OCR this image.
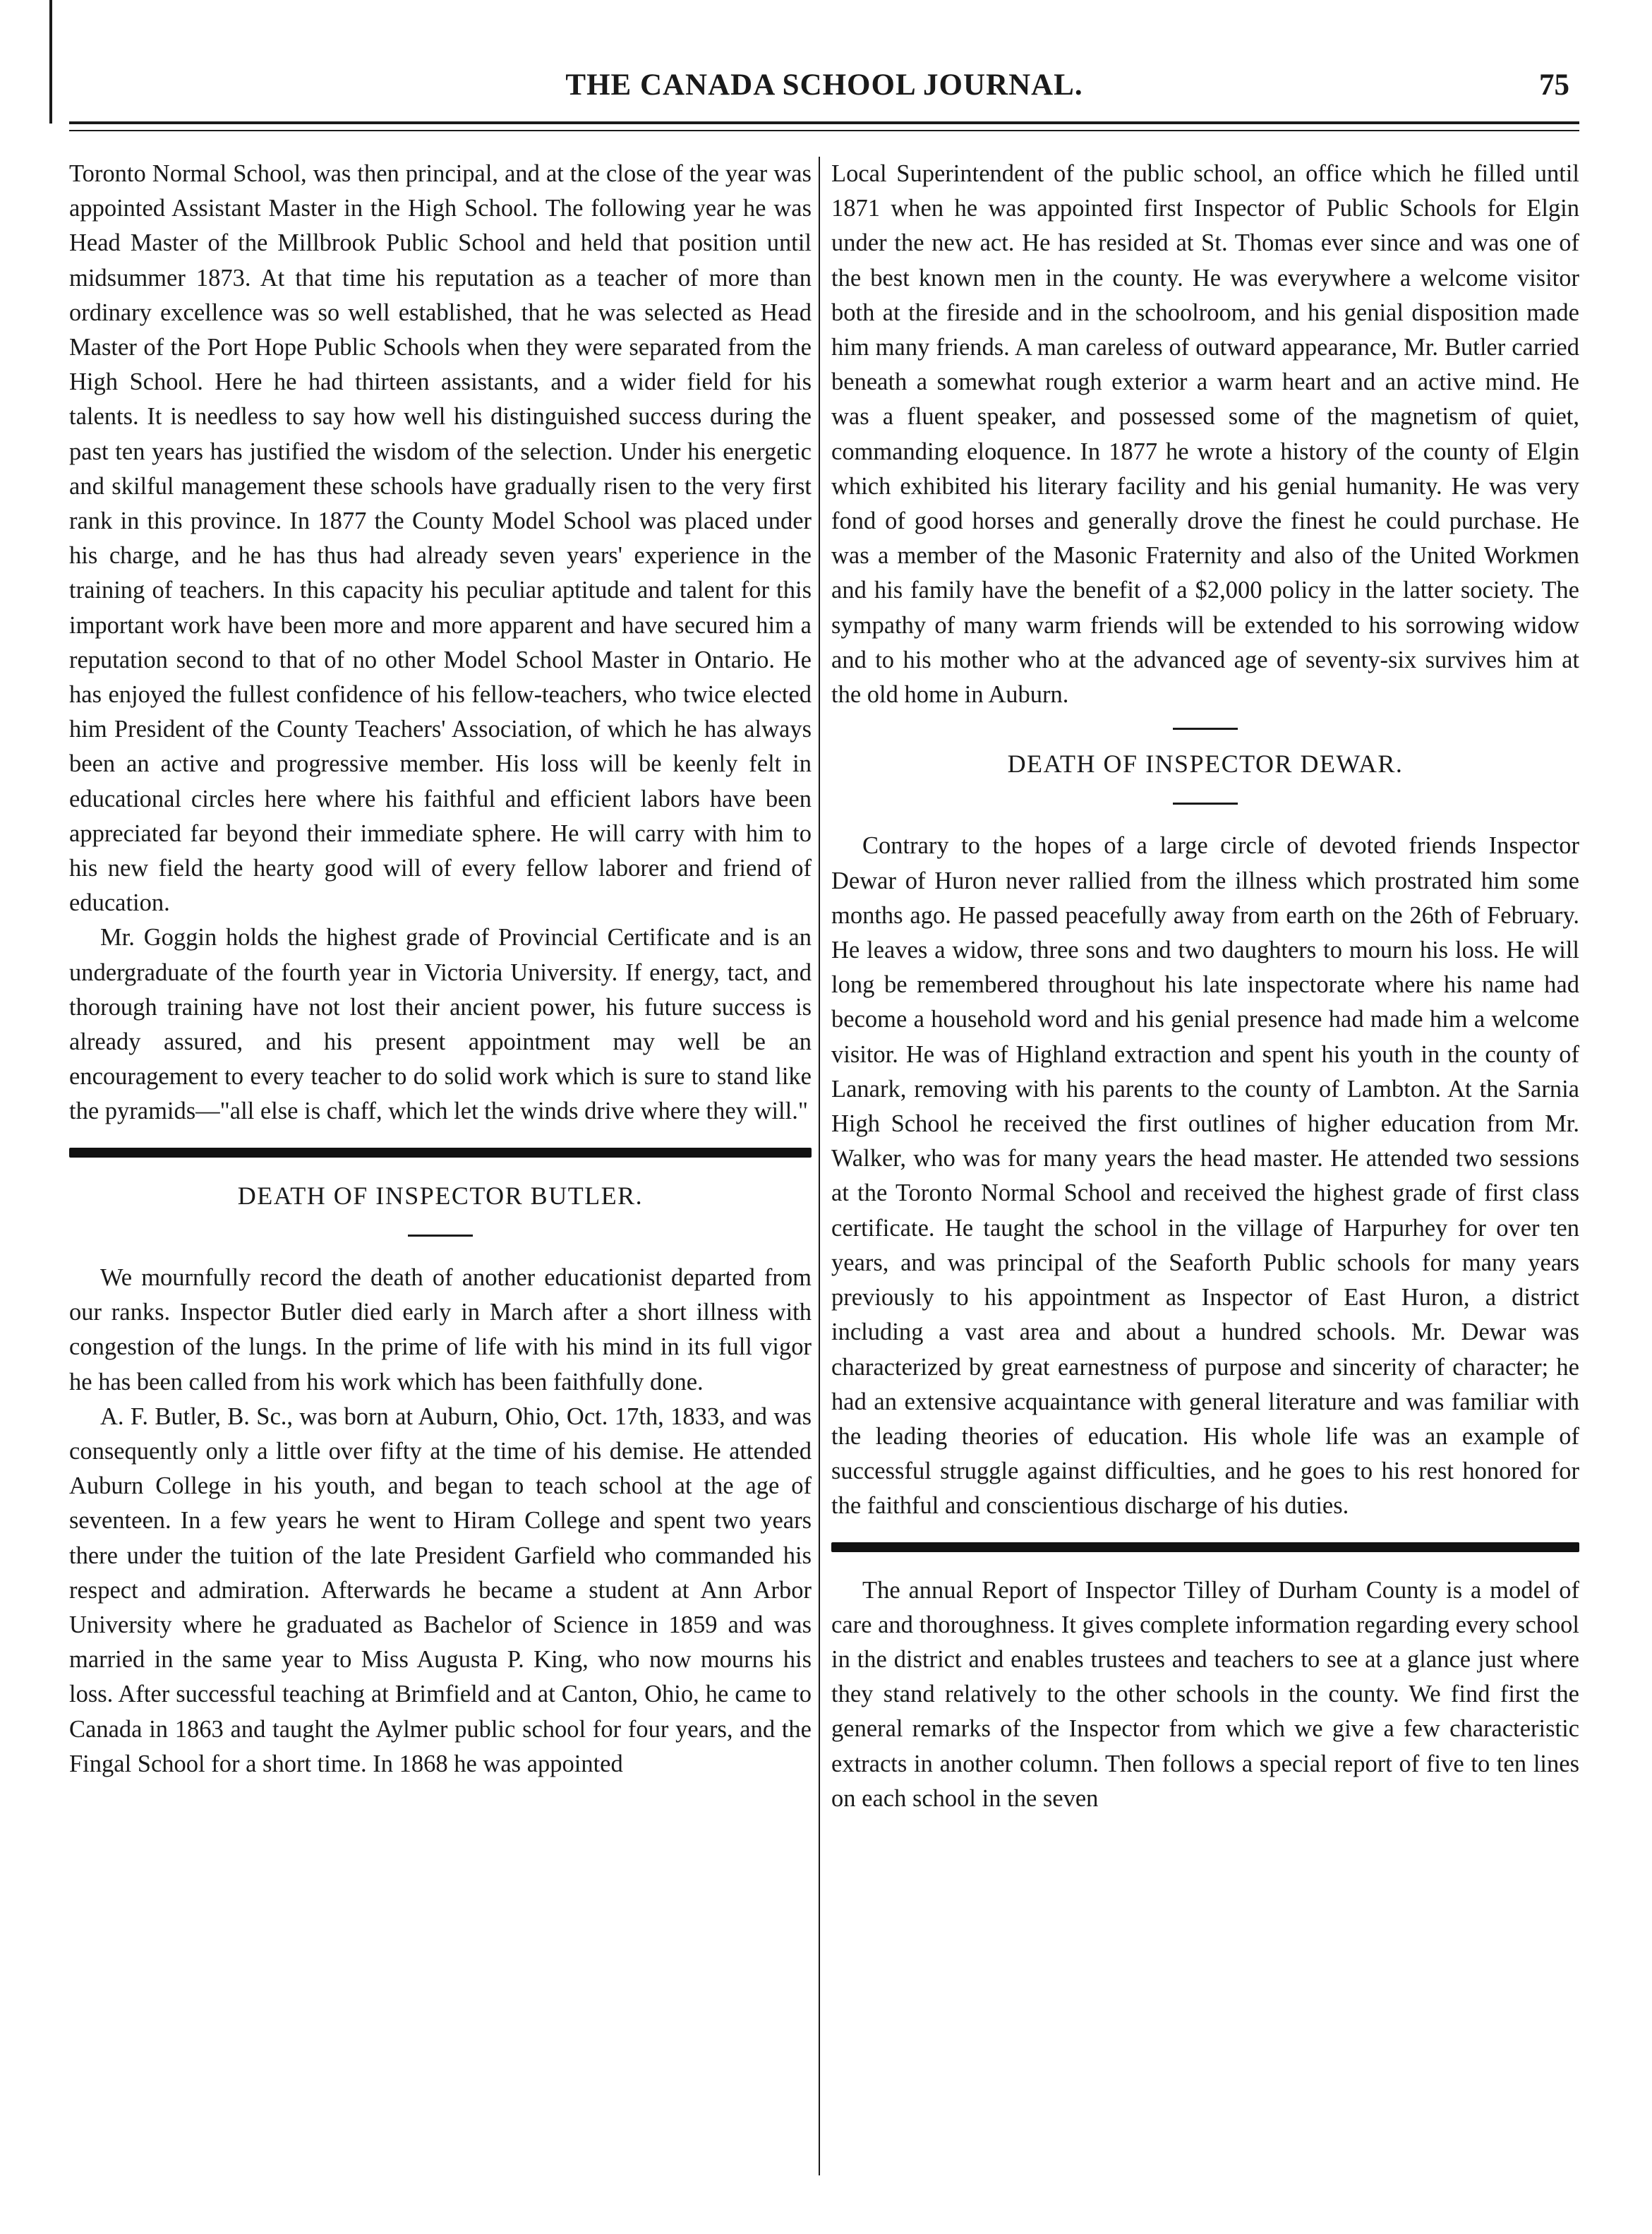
THE CANADA SCHOOL JOURNAL.	75

Toronto Normal School, was then principal, and at the close of the year was appointed Assistant Master in the High School. The following year he was Head Master of the Millbrook Public School and held that position until midsummer 1873. At that time his reputation as a teacher of more than ordinary excellence was so well established, that he was selected as Head Master of the Port Hope Public Schools when they were separated from the High School. Here he had thirteen assistants, and a wider field for his talents. It is needless to say how well his distinguished success during the past ten years has justified the wisdom of the selection. Under his energetic and skilful management these schools have gradually risen to the very first rank in this province. In 1877 the County Model School was placed under his charge, and he has thus had already seven years' experience in the training of teachers. In this capacity his peculiar aptitude and talent for this important work have been more and more apparent and have secured him a reputation second to that of no other Model School Master in Ontario. He has enjoyed the fullest confidence of his fellow-teachers, who twice elected him President of the County Teachers' Association, of which he has always been an active and progressive member. His loss will be keenly felt in educational circles here where his faithful and efficient labors have been appreciated far beyond their immediate sphere. He will carry with him to his new field the hearty good will of every fellow laborer and friend of education.

Mr. Goggin holds the highest grade of Provincial Certificate and is an undergraduate of the fourth year in Victoria University. If energy, tact, and thorough training have not lost their ancient power, his future success is already assured, and his present appointment may well be an encouragement to every teacher to do solid work which is sure to stand like the pyramids—"all else is chaff, which let the winds drive where they will."

DEATH OF INSPECTOR BUTLER.

We mournfully record the death of another educationist departed from our ranks. Inspector Butler died early in March after a short illness with congestion of the lungs. In the prime of life with his mind in its full vigor he has been called from his work which has been faithfully done.

A. F. Butler, B. Sc., was born at Auburn, Ohio, Oct. 17th, 1833, and was consequently only a little over fifty at the time of his demise. He attended Auburn College in his youth, and began to teach school at the age of seventeen. In a few years he went to Hiram College and spent two years there under the tuition of the late President Garfield who commanded his respect and admiration. Afterwards he became a student at Ann Arbor University where he graduated as Bachelor of Science in 1859 and was married in the same year to Miss Augusta P. King, who now mourns his loss. After successful teaching at Brimfield and at Canton, Ohio, he came to Canada in 1863 and taught the Aylmer public school for four years, and the Fingal School for a short time. In 1868 he was appointed

Local Superintendent of the public school, an office which he filled until 1871 when he was appointed first Inspector of Public Schools for Elgin under the new act. He has resided at St. Thomas ever since and was one of the best known men in the county. He was everywhere a welcome visitor both at the fireside and in the schoolroom, and his genial disposition made him many friends. A man careless of outward appearance, Mr. Butler carried beneath a somewhat rough exterior a warm heart and an active mind. He was a fluent speaker, and possessed some of the magnetism of quiet, commanding eloquence. In 1877 he wrote a history of the county of Elgin which exhibited his literary facility and his genial humanity. He was very fond of good horses and generally drove the finest he could purchase. He was a member of the Masonic Fraternity and also of the United Workmen and his family have the benefit of a $2,000 policy in the latter society. The sympathy of many warm friends will be extended to his sorrowing widow and to his mother who at the advanced age of seventy-six survives him at the old home in Auburn.

DEATH OF INSPECTOR DEWAR.

Contrary to the hopes of a large circle of devoted friends Inspector Dewar of Huron never rallied from the illness which prostrated him some months ago. He passed peacefully away from earth on the 26th of February. He leaves a widow, three sons and two daughters to mourn his loss. He will long be remembered throughout his late inspectorate where his name had become a household word and his genial presence had made him a welcome visitor. He was of Highland extraction and spent his youth in the county of Lanark, removing with his parents to the county of Lambton. At the Sarnia High School he received the first outlines of higher education from Mr. Walker, who was for many years the head master. He attended two sessions at the Toronto Normal School and received the highest grade of first class certificate. He taught the school in the village of Harpurhey for over ten years, and was principal of the Seaforth Public schools for many years previously to his appointment as Inspector of East Huron, a district including a vast area and about a hundred schools. Mr. Dewar was characterized by great earnestness of purpose and sincerity of character; he had an extensive acquaintance with general literature and was familiar with the leading theories of education. His whole life was an example of successful struggle against difficulties, and he goes to his rest honored for the faithful and conscientious discharge of his duties.

The annual Report of Inspector Tilley of Durham County is a model of care and thoroughness. It gives complete information regarding every school in the district and enables trustees and teachers to see at a glance just where they stand relatively to the other schools in the county. We find first the general remarks of the Inspector from which we give a few characteristic extracts in another column. Then follows a special report of five to ten lines on each school in the seven
